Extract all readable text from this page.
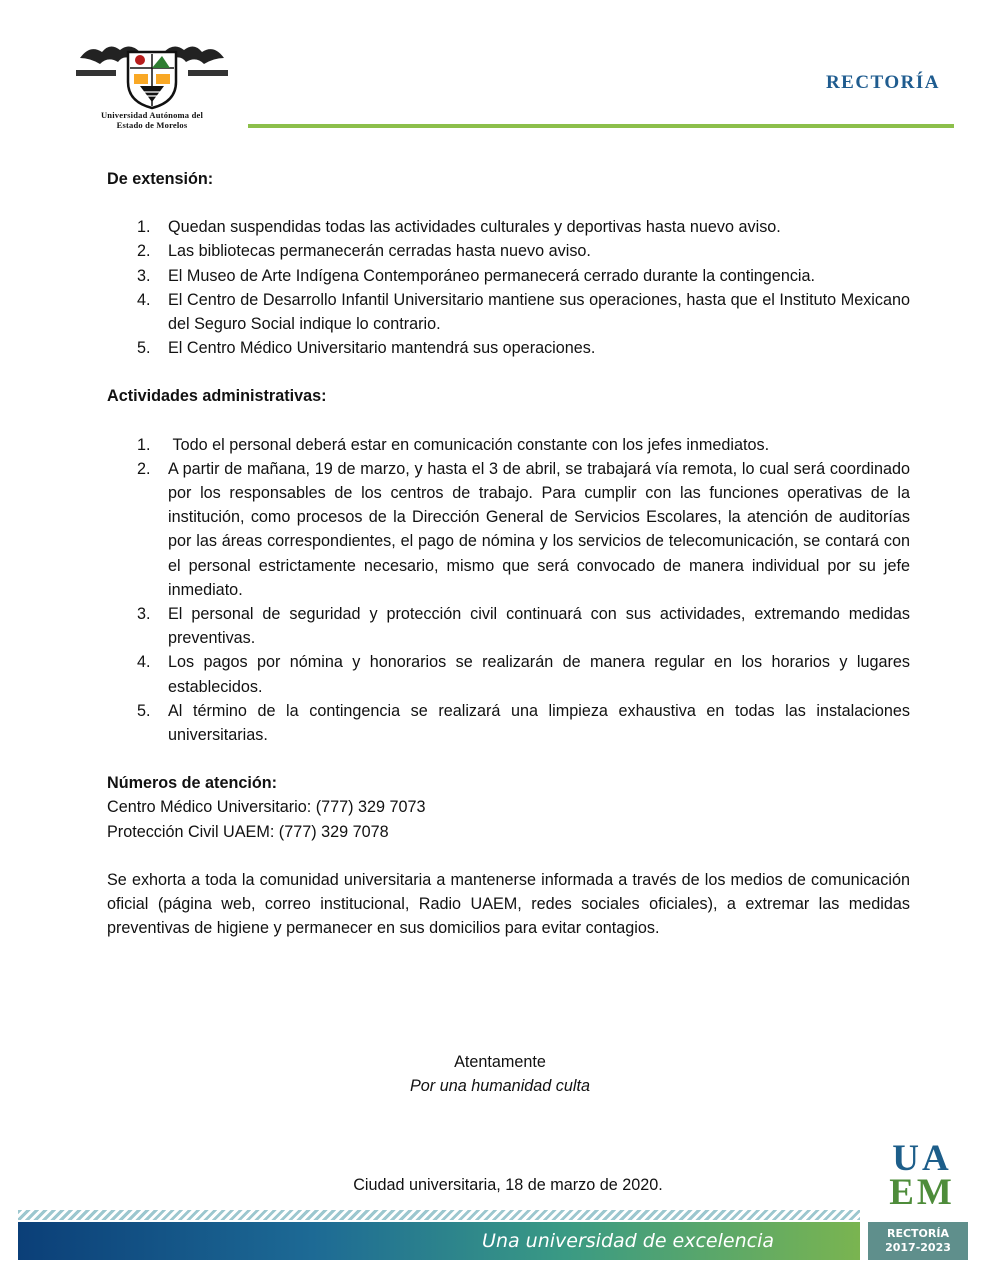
Universidad Autónoma del
Estado de Morelos
RECTORÍA

De extensión:

1. Quedan suspendidas todas las actividades culturales y deportivas hasta nuevo aviso.
2. Las bibliotecas permanecerán cerradas hasta nuevo aviso.
3. El Museo de Arte Indígena Contemporáneo permanecerá cerrado durante la contingencia.
4. El Centro de Desarrollo Infantil Universitario mantiene sus operaciones, hasta que el Instituto Mexicano del Seguro Social indique lo contrario.
5. El Centro Médico Universitario mantendrá sus operaciones.

Actividades administrativas:

1. Todo el personal deberá estar en comunicación constante con los jefes inmediatos.
2. A partir de mañana, 19 de marzo, y hasta el 3 de abril, se trabajará vía remota, lo cual será coordinado por los responsables de los centros de trabajo. Para cumplir con las funciones operativas de la institución, como procesos de la Dirección General de Servicios Escolares, la atención de auditorías por las áreas correspondientes, el pago de nómina y los servicios de telecomunicación, se contará con el personal estrictamente necesario, mismo que será convocado de manera individual por su jefe inmediato.
3. El personal de seguridad y protección civil continuará con sus actividades, extremando medidas preventivas.
4. Los pagos por nómina y honorarios se realizarán de manera regular en los horarios y lugares establecidos.
5. Al término de la contingencia se realizará una limpieza exhaustiva en todas las instalaciones universitarias.

Números de atención:

Centro Médico Universitario: (777) 329 7073

Protección Civil UAEM: (777) 329 7078

Se exhorta a toda la comunidad universitaria a mantenerse informada a través de los medios de comunicación oficial (página web, correo institucional, Radio UAEM, redes sociales oficiales), a extremar las medidas preventivas de higiene y permanecer en sus domicilios para evitar contagios.

Atentamente
Por una humanidad culta
Ciudad universitaria, 18 de marzo de 2020.
UA
EM
Una universidad de excelencia	RECTORÍA
2017-2023
